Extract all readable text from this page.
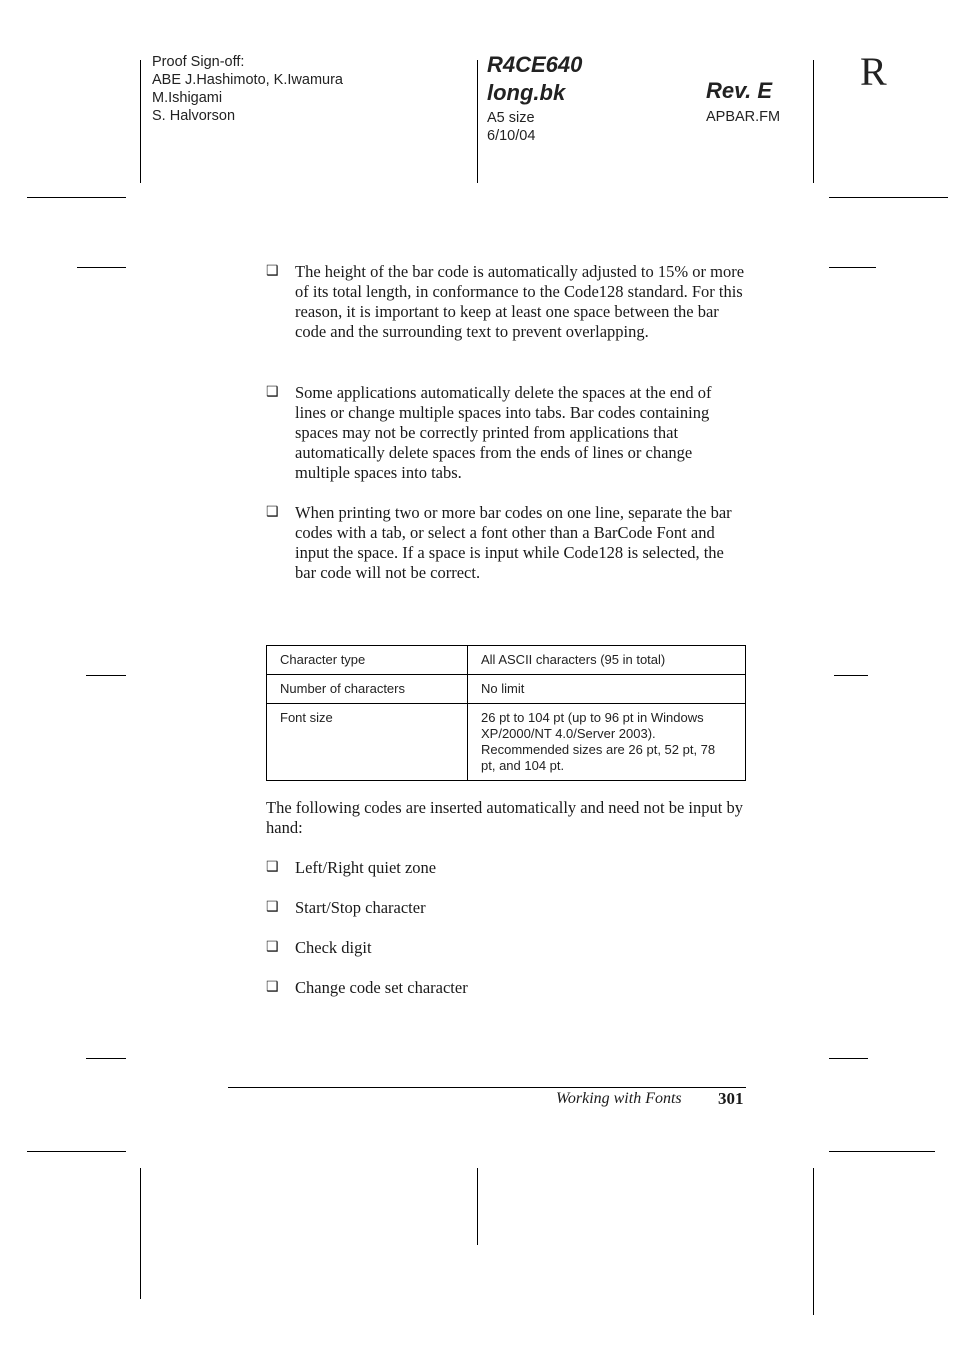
Proof Sign-off:
ABE J.Hashimoto, K.Iwamura
M.Ishigami
S. Halvorson
R4CE640
long.bk	Rev. E
A5 size
6/10/04
APBAR.FM
R
❑ The height of the bar code is automatically adjusted to 15% or more of its total length, in conformance to the Code128 standard. For this reason, it is important to keep at least one space between the bar code and the surrounding text to prevent overlapping.
❑ Some applications automatically delete the spaces at the end of lines or change multiple spaces into tabs. Bar codes containing spaces may not be correctly printed from applications that automatically delete spaces from the ends of lines or change multiple spaces into tabs.
❑ When printing two or more bar codes on one line, separate the bar codes with a tab, or select a font other than a BarCode Font and input the space. If a space is input while Code128 is selected, the bar code will not be correct.
Character type	All ASCII characters (95 in total)
Number of characters	No limit
Font size	26 pt to 104 pt (up to 96 pt in Windows XP/2000/NT 4.0/Server 2003). Recommended sizes are 26 pt, 52 pt, 78 pt, and 104 pt.
The following codes are inserted automatically and need not be input by hand:
❑ Left/Right quiet zone
❑ Start/Stop character
❑ Check digit
❑ Change code set character
Working with Fonts 301
